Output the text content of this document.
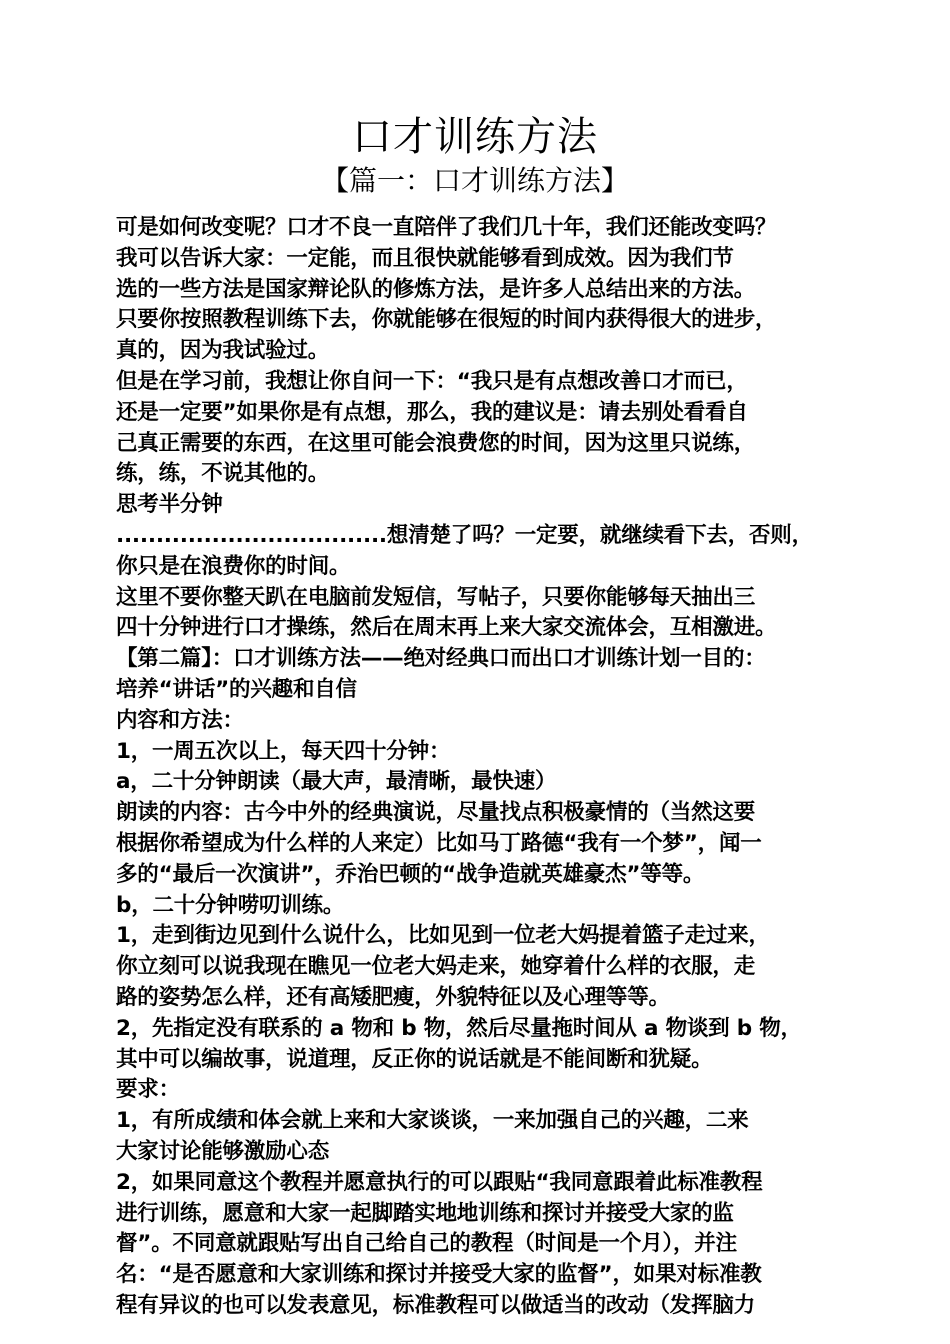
口才训练方法
【篇一：口才训练方法】
可是如何改变呢？口才不良一直陪伴了我们几十年，我们还能改变吗？
我可以告诉大家：一定能，而且很快就能够看到成效。因为我们节
选的一些方法是国家辩论队的修炼方法，是许多人总结出来的方法。
只要你按照教程训练下去，你就能够在很短的时间内获得很大的进步，
真的，因为我试验过。
但是在学习前，我想让你自问一下：“我只是有点想改善口才而已，
还是一定要”如果你是有点想，那么，我的建议是：请去别处看看自
己真正需要的东西，在这里可能会浪费您的时间，因为这里只说练，
练，练，不说其他的。
思考半分钟
..................................想清楚了吗？一定要，就继续看下去，否则，
你只是在浪费你的时间。
这里不要你整天趴在电脑前发短信，写帖子，只要你能够每天抽出三
四十分钟进行口才操练，然后在周末再上来大家交流体会，互相激进。
【第二篇】：口才训练方法——绝对经典口而出口才训练计划一目的：
培养“讲话”的兴趣和自信
内容和方法：
1，一周五次以上，每天四十分钟：
a，二十分钟朗读（最大声，最清晰，最快速）
朗读的内容：古今中外的经典演说，尽量找点积极豪情的（当然这要
根据你希望成为什么样的人来定）比如马丁路德“我有一个梦”，闻一
多的“最后一次演讲”，乔治巴顿的“战争造就英雄豪杰”等等。
b，二十分钟唠叨训练。
1，走到街边见到什么说什么，比如见到一位老大妈提着篮子走过来，
你立刻可以说我现在瞧见一位老大妈走来，她穿着什么样的衣服，走
路的姿势怎么样，还有高矮肥瘦，外貌特征以及心理等等。
2，先指定没有联系的 a 物和 b 物，然后尽量拖时间从 a 物谈到 b 物，
其中可以编故事，说道理，反正你的说话就是不能间断和犹疑。
要求：
1，有所成绩和体会就上来和大家谈谈，一来加强自己的兴趣，二来
大家讨论能够激励心态
2，如果同意这个教程并愿意执行的可以跟贴“我同意跟着此标准教程
进行训练，愿意和大家一起脚踏实地地训练和探讨并接受大家的监
督”。不同意就跟贴写出自己给自己的教程（时间是一个月），并注
名：“是否愿意和大家训练和探讨并接受大家的监督”，如果对标准教
程有异议的也可以发表意见，标准教程可以做适当的改动（发挥脑力
